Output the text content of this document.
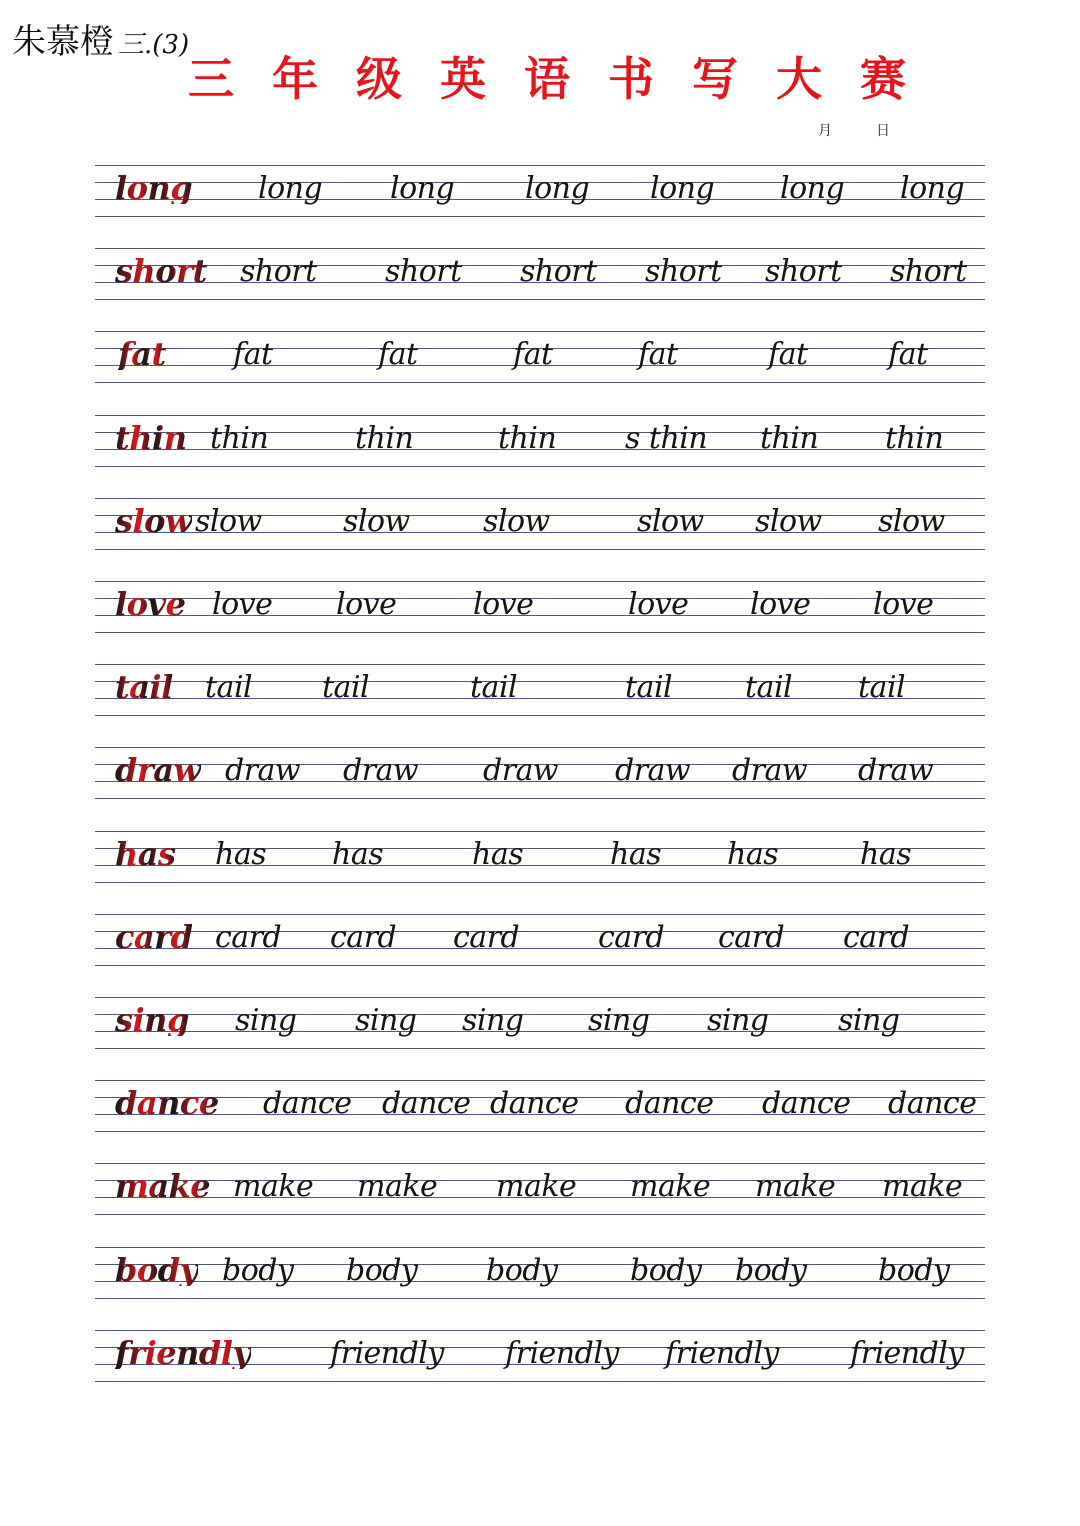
朱慕橙 三.(3)
三 年 级 英 语 书 写 大 赛
月	日
long long long long long long long
short short short short short short short
fat fat	fat	fat	fat	fat	fat
thin thin	thin	thin s thin thin thin
slow slow	slow slow	slow slow slow
love love love	love	love love love
tail tail tail	tail	tail tail tail
draw draw draw draw draw draw draw
has has has	has	has has	has
card card card card	card card card
sing sing sing sing sing sing sing
dance dance dance dance dance dance dance
make make make make make make make
body body body body body body body
friendly	friendly friendly friendly friendly
